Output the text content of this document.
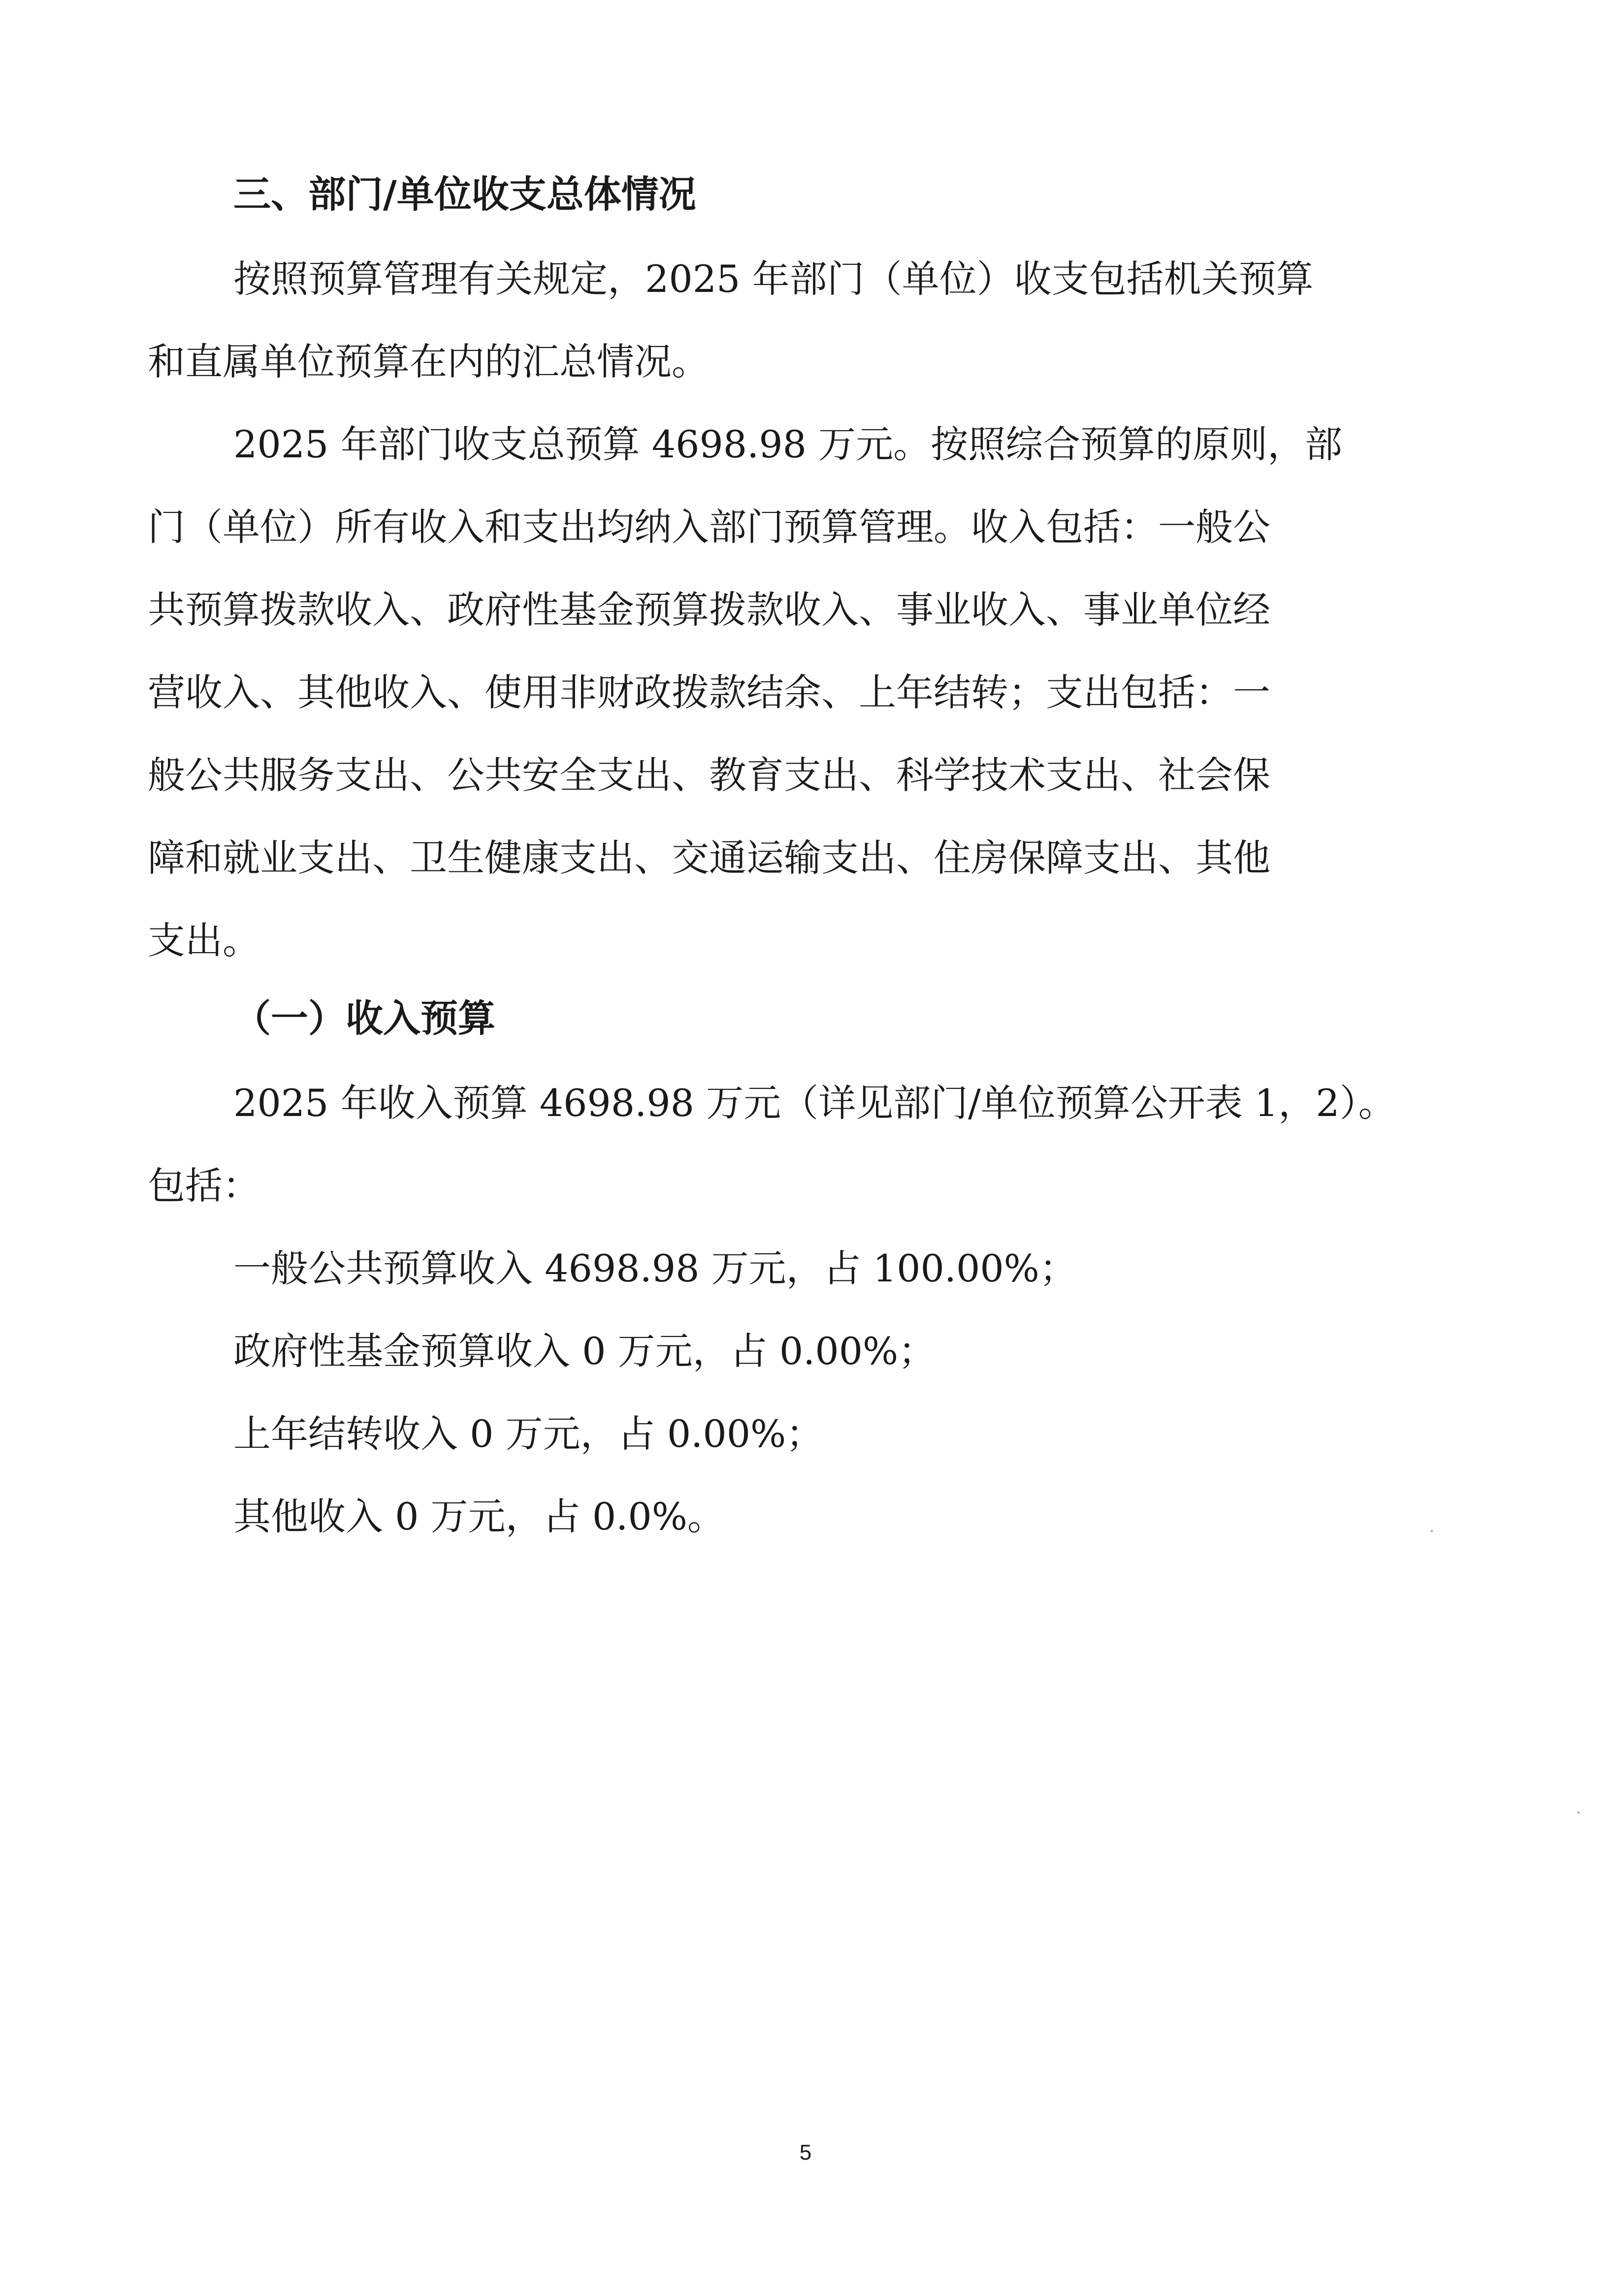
三、部门/单位收支总体情况

按照预算管理有关规定，2025 年部门（单位）收支包括机关预算

和直属单位预算在内的汇总情况。

2025 年部门收支总预算 4698.98 万元。按照综合预算的原则，部

门（单位）所有收入和支出均纳入部门预算管理。收入包括：一般公

共预算拨款收入、政府性基金预算拨款收入、事业收入、事业单位经

营收入、其他收入、使用非财政拨款结余、上年结转；支出包括：一

般公共服务支出、公共安全支出、教育支出、科学技术支出、社会保

障和就业支出、卫生健康支出、交通运输支出、住房保障支出、其他

支出。

（一）收入预算

2025 年收入预算 4698.98 万元（详见部门/单位预算公开表 1，2）。

包括：

一般公共预算收入 4698.98 万元，占 100.00%；

政府性基金预算收入 0 万元，占 0.00%；

上年结转收入 0 万元，占 0.00%；

其他收入 0 万元，占 0.0%。

5
